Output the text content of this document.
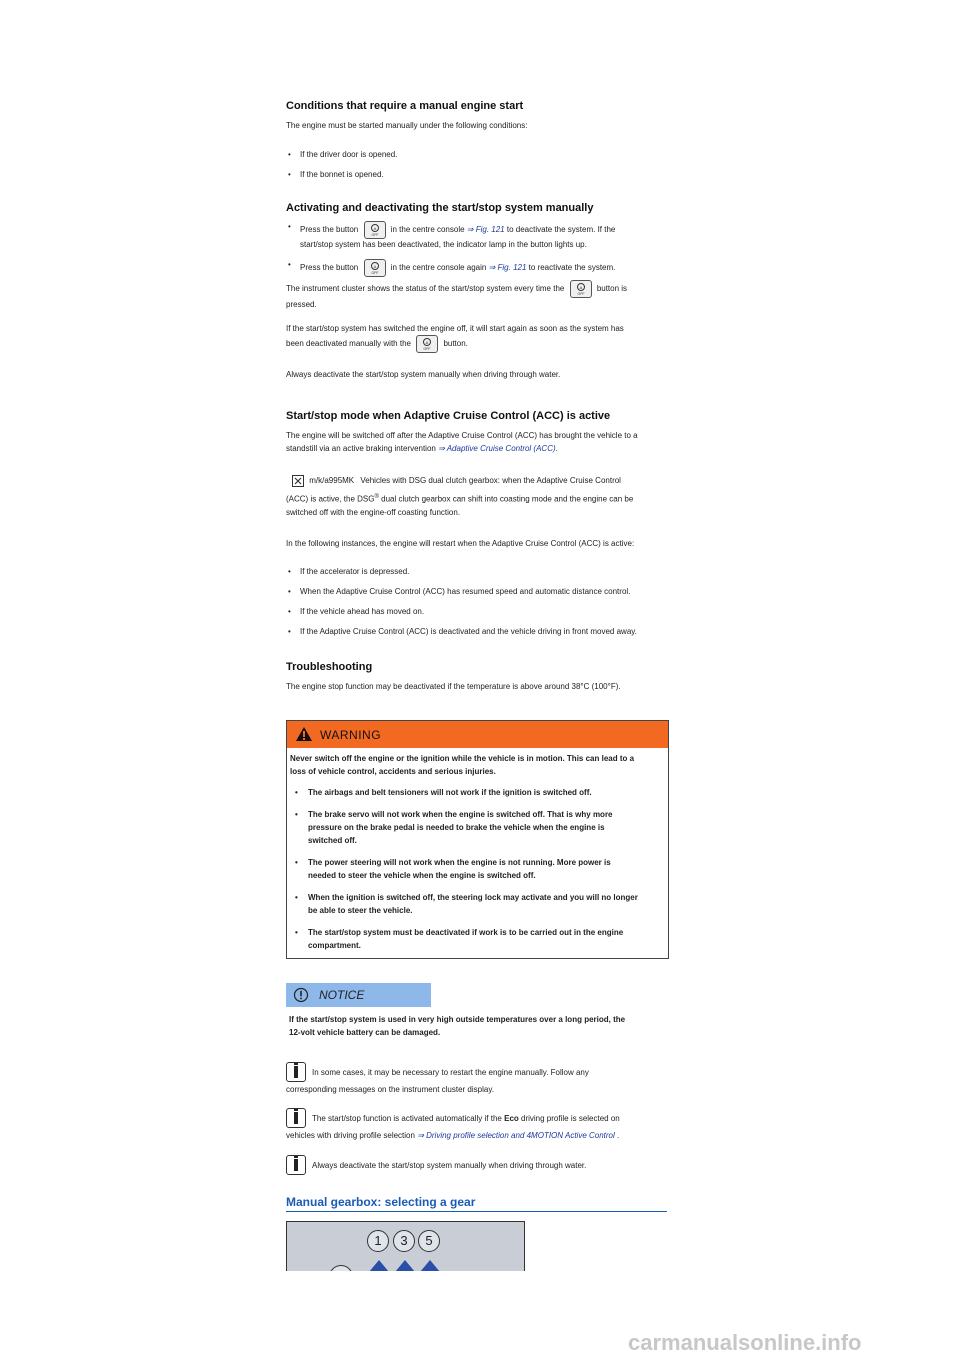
Conditions that require a manual engine start

The engine must be started manually under the following conditions:

• If the driver door is opened.
• If the bonnet is opened.

Activating and deactivating the start/stop system manually

• Press the button	A
OFF
in the centre console ⇒ Fig. 121 to deactivate the system. If the
start/stop system has been deactivated, the indicator lamp in the button lights up.
• Press the button	A
OFF
in the centre console again ⇒ Fig. 121 to reactivate the system.
The instrument cluster shows the status of the start/stop system every time the	A
OFF
button is
pressed.
If the start/stop system has switched the engine off, it will start again as soon as the system has
been deactivated manually with the	A
OFF
button.

Always deactivate the start/stop system manually when driving through water.

Start/stop mode when Adaptive Cruise Control (ACC) is active

The engine will be switched off after the Adaptive Cruise Control (ACC) has brought the vehicle to a
standstill via an active braking intervention ⇒ Adaptive Cruise Control (ACC).
m/k/a995MK Vehicles with DSG dual clutch gearbox: when the Adaptive Cruise Control
(ACC) is active, the DSG® dual clutch gearbox can shift into coasting mode and the engine can be
switched off with the engine-off coasting function.

In the following instances, the engine will restart when the Adaptive Cruise Control (ACC) is active:

• If the accelerator is depressed.
• When the Adaptive Cruise Control (ACC) has resumed speed and automatic distance control.
• If the vehicle ahead has moved on.
• If the Adaptive Cruise Control (ACC) is deactivated and the vehicle driving in front moved away.

Troubleshooting

The engine stop function may be deactivated if the temperature is above around 38°C (100°F).

WARNING

Never switch off the engine or the ignition while the vehicle is in motion. This can lead to a
loss of vehicle control, accidents and serious injuries.

• The airbags and belt tensioners will not work if the ignition is switched off.
• The brake servo will not work when the engine is switched off. That is why more
pressure on the brake pedal is needed to brake the vehicle when the engine is
switched off.
• The power steering will not work when the engine is not running. More power is
needed to steer the vehicle when the engine is switched off.
• When the ignition is switched off, the steering lock may activate and you will no longer
be able to steer the vehicle.
• The start/stop system must be deactivated if work is to be carried out in the engine
compartment.
NOTICE

If the start/stop system is used in very high outside temperatures over a long period, the
12-volt vehicle battery can be damaged.

In some cases, it may be necessary to restart the engine manually. Follow any
corresponding messages on the instrument cluster display.
The start/stop function is activated automatically if the Eco driving profile is selected on
vehicles with driving profile selection ⇒ Driving profile selection and 4MOTION Active Control .

Always deactivate the start/stop system manually when driving through water.

Manual gearbox: selecting a gear
1	3	5
carmanualsonline.info
